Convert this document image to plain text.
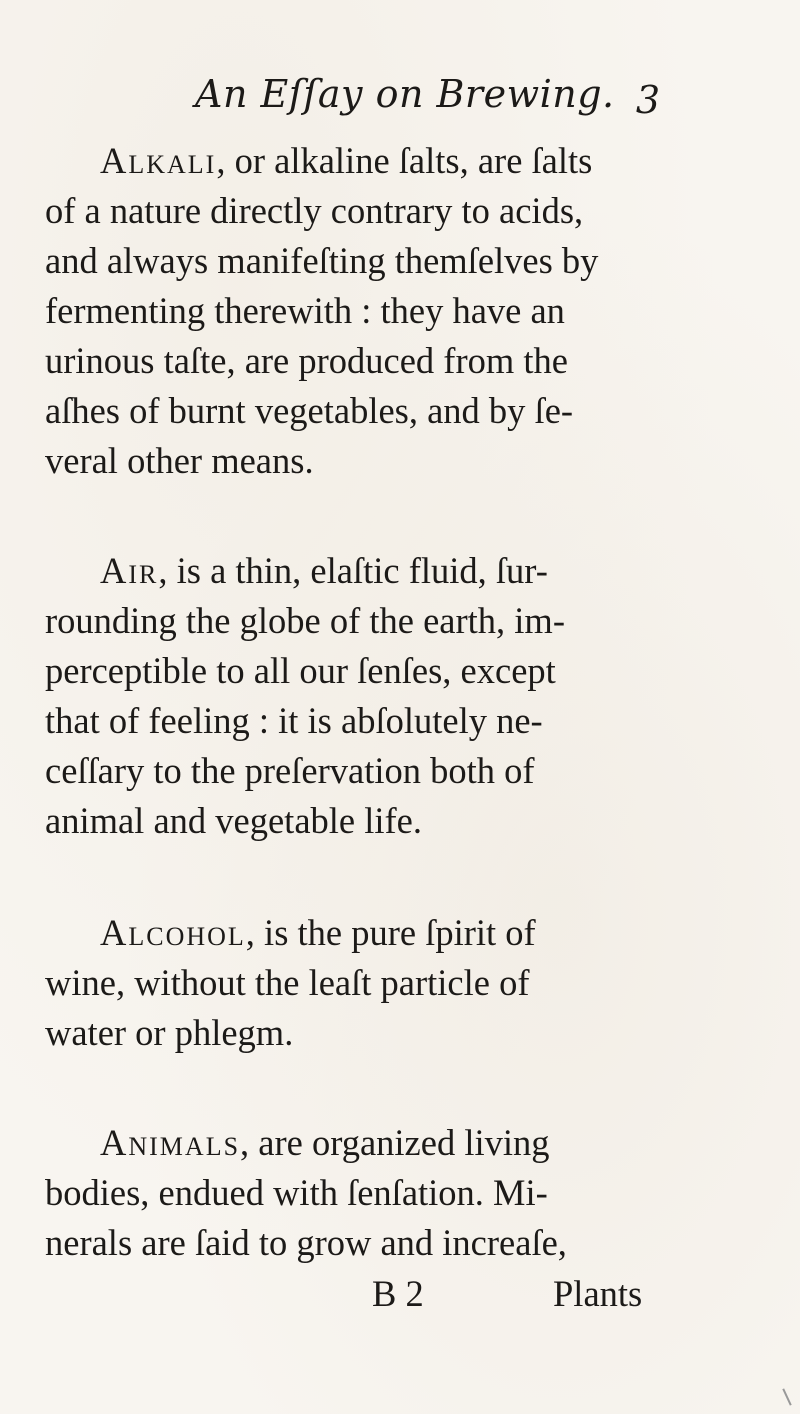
An Eſſay on Brewing. 3
Alkali, or alkaline ſalts, are ſalts
of a nature directly contrary to acids,
and always manifeſting themſelves by
fermenting therewith : they have an
urinous taſte, are produced from the
aſhes of burnt vegetables, and by ſe-
veral other means.
Air, is a thin, elaſtic fluid, ſur-
rounding the globe of the earth, im-
perceptible to all our ſenſes, except
that of feeling : it is abſolutely ne-
ceſſary to the preſervation both of
animal and vegetable life.
Alcohol, is the pure ſpirit of
wine, without the leaſt particle of
water or phlegm.
Animals, are organized living
bodies, endued with ſenſation. Mi-
nerals are ſaid to grow and increaſe,
B 2	Plants
